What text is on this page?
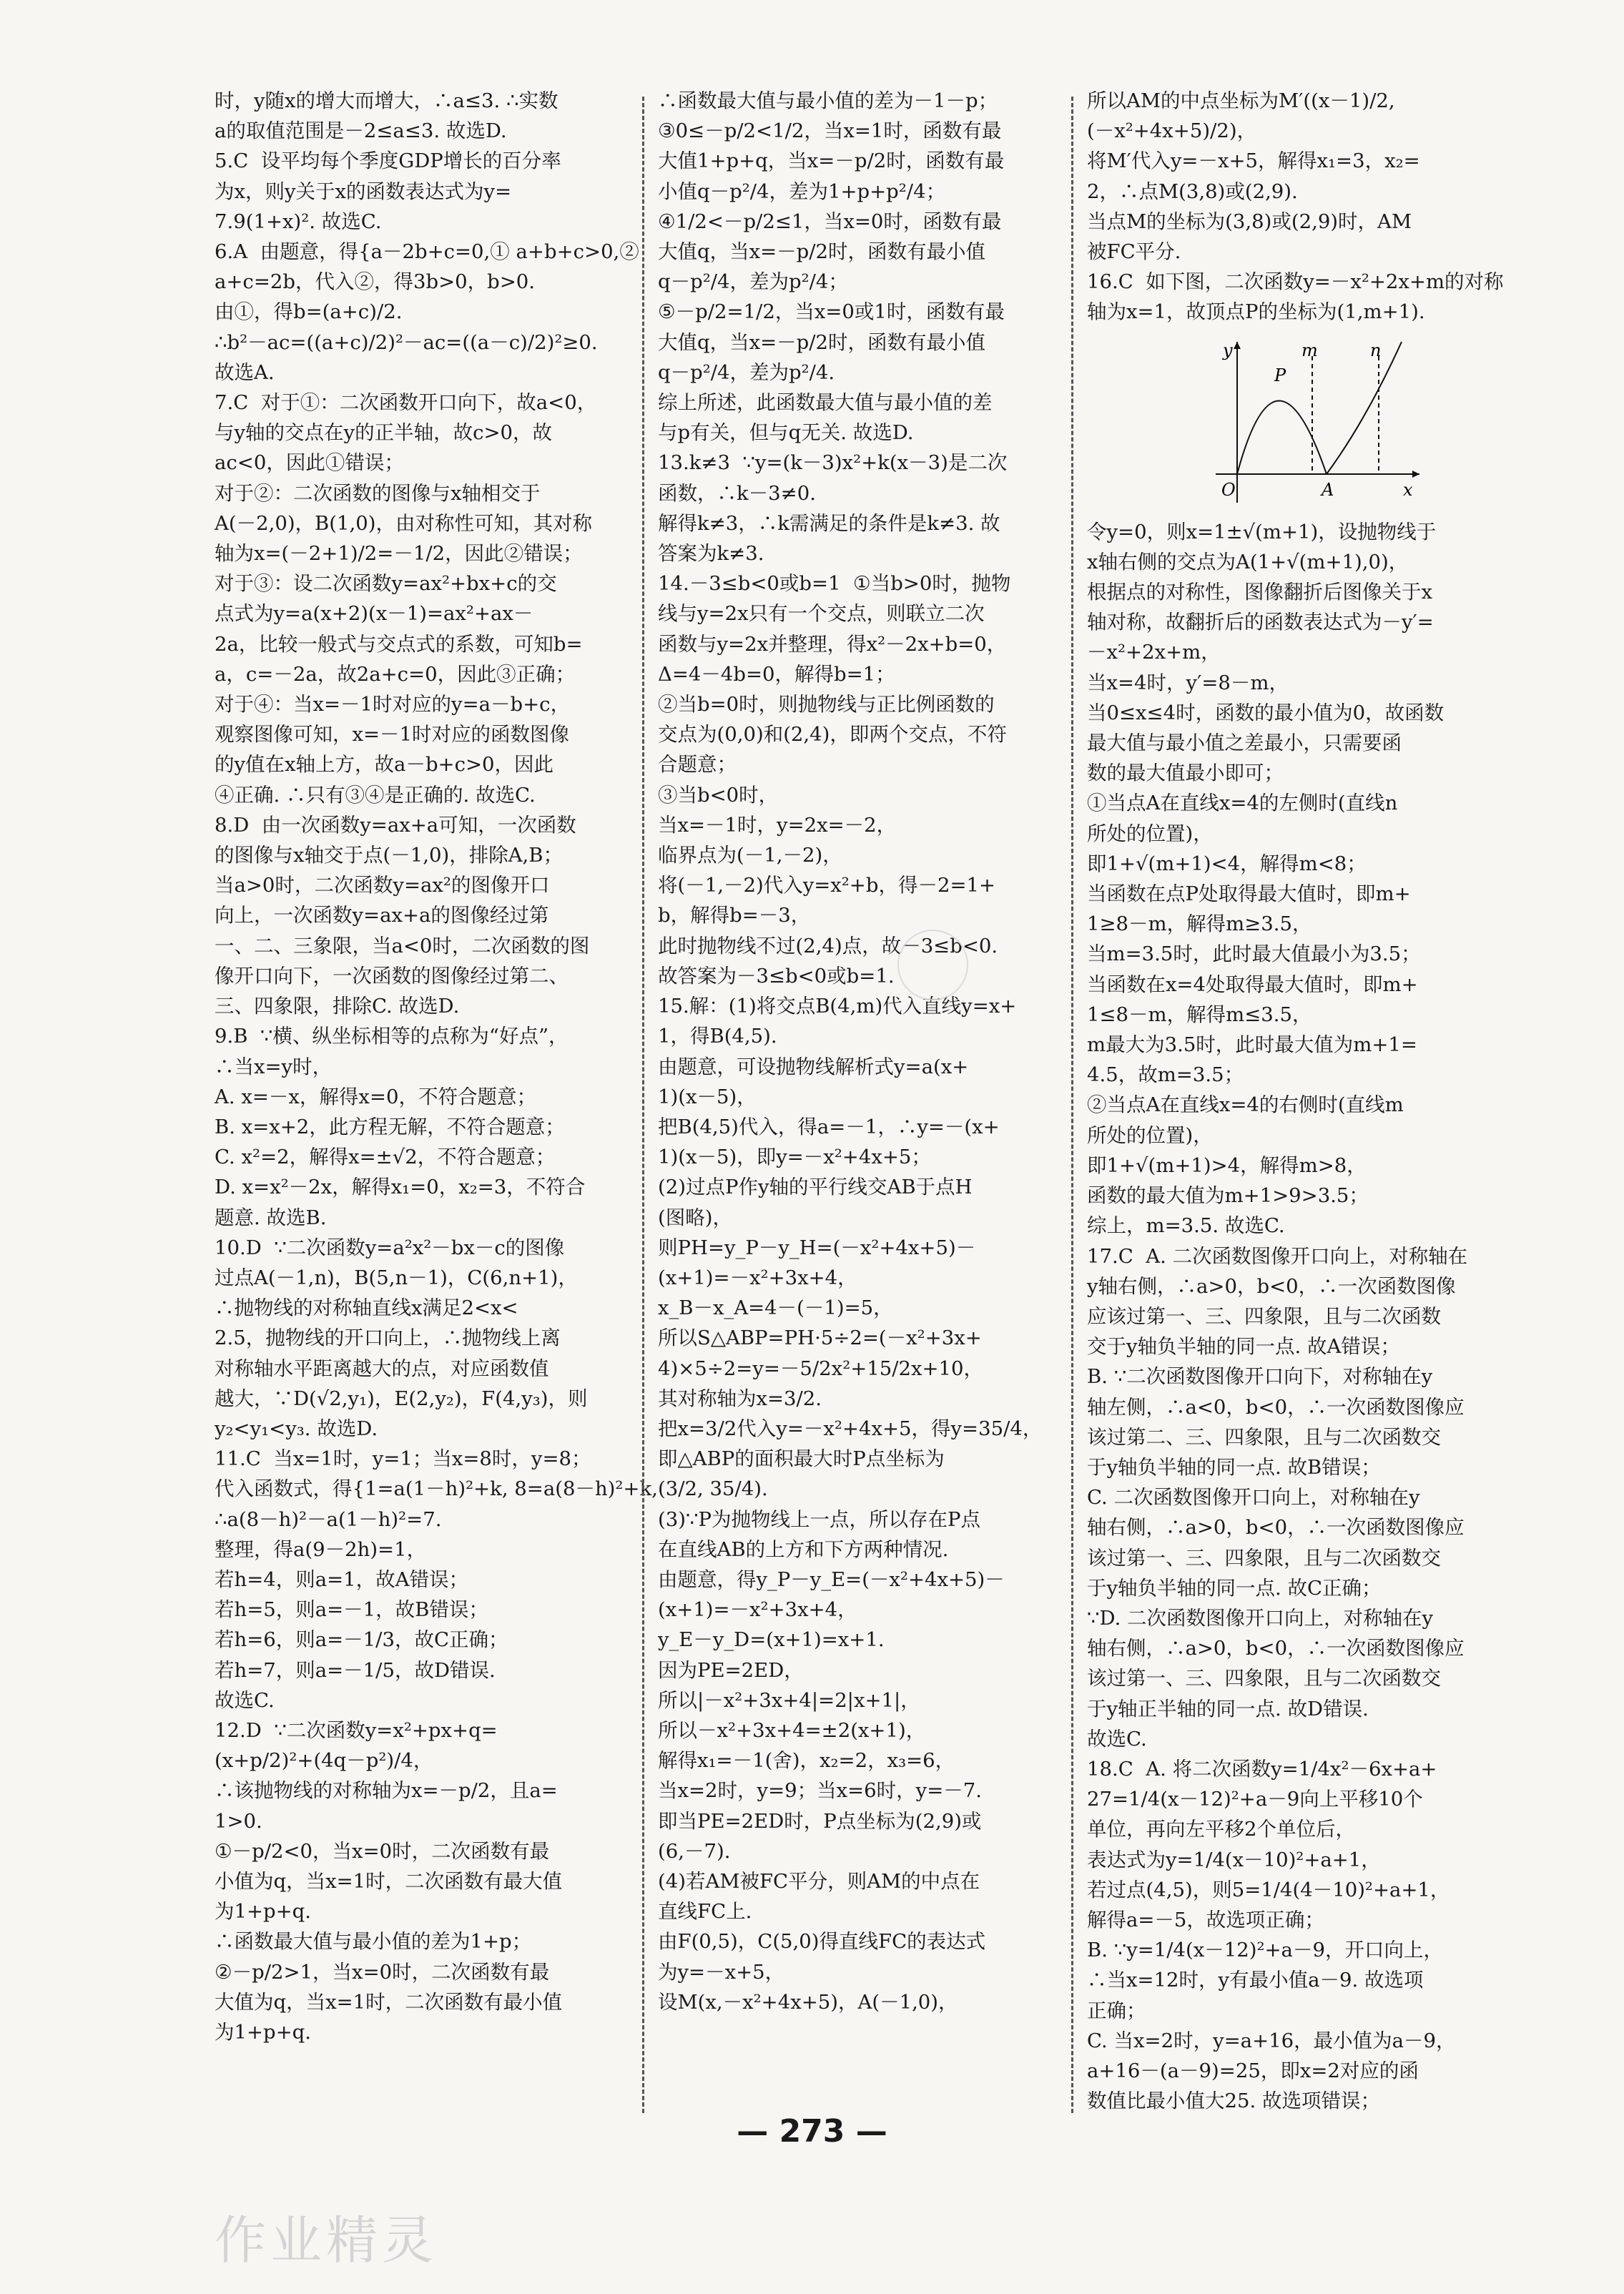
时，y随x的增大而增大，∴a≤3. ∴实数

a的取值范围是－2≤a≤3. 故选D.

5.C  设平均每个季度GDP增长的百分率

为x，则y关于x的函数表达式为y=

7.9(1+x)². 故选C.

6.A  由题意，得{a－2b+c=0,① a+b+c>0,②

a+c=2b，代入②，得3b>0，b>0.

由①，得b=(a+c)/2.

∴b²－ac=((a+c)/2)²－ac=((a－c)/2)²≥0.

故选A.

7.C  对于①：二次函数开口向下，故a<0，

与y轴的交点在y的正半轴，故c>0，故

ac<0，因此①错误；

对于②：二次函数的图像与x轴相交于

A(－2,0)，B(1,0)，由对称性可知，其对称

轴为x=(－2+1)/2=－1/2，因此②错误；

对于③：设二次函数y=ax²+bx+c的交

点式为y=a(x+2)(x－1)=ax²+ax－

2a，比较一般式与交点式的系数，可知b=

a，c=－2a，故2a+c=0，因此③正确；

对于④：当x=－1时对应的y=a－b+c，

观察图像可知，x=－1时对应的函数图像

的y值在x轴上方，故a－b+c>0，因此

④正确. ∴只有③④是正确的. 故选C.

8.D  由一次函数y=ax+a可知，一次函数

的图像与x轴交于点(－1,0)，排除A,B；

当a>0时，二次函数y=ax²的图像开口

向上，一次函数y=ax+a的图像经过第

一、二、三象限，当a<0时，二次函数的图

像开口向下，一次函数的图像经过第二、

三、四象限，排除C. 故选D.

9.B  ∵横、纵坐标相等的点称为“好点”，

∴当x=y时，

A. x=－x，解得x=0，不符合题意；

B. x=x+2，此方程无解，不符合题意；

C. x²=2，解得x=±√2，不符合题意；

D. x=x²－2x，解得x₁=0，x₂=3，不符合

题意. 故选B.

10.D  ∵二次函数y=a²x²－bx－c的图像

过点A(－1,n)，B(5,n－1)，C(6,n+1)，

∴抛物线的对称轴直线x满足2<x<

2.5，抛物线的开口向上，∴抛物线上离

对称轴水平距离越大的点，对应函数值

越大，∵D(√2,y₁)，E(2,y₂)，F(4,y₃)，则

y₂<y₁<y₃. 故选D.

11.C  当x=1时，y=1；当x=8时，y=8；

代入函数式，得{1=a(1－h)²+k, 8=a(8－h)²+k,

∴a(8－h)²－a(1－h)²=7.

整理，得a(9－2h)=1，

若h=4，则a=1，故A错误；

若h=5，则a=－1，故B错误；

若h=6，则a=－1/3，故C正确；

若h=7，则a=－1/5，故D错误.

故选C.

12.D  ∵二次函数y=x²+px+q=

(x+p/2)²+(4q－p²)/4，

∴该抛物线的对称轴为x=－p/2，且a=

1>0.

①－p/2<0，当x=0时，二次函数有最

小值为q，当x=1时，二次函数有最大值

为1+p+q.

∴函数最大值与最小值的差为1+p；

②－p/2>1，当x=0时，二次函数有最

大值为q，当x=1时，二次函数有最小值

为1+p+q.

∴函数最大值与最小值的差为－1－p；

③0≤－p/2<1/2，当x=1时，函数有最

大值1+p+q，当x=－p/2时，函数有最

小值q－p²/4，差为1+p+p²/4；

④1/2<－p/2≤1，当x=0时，函数有最

大值q，当x=－p/2时，函数有最小值

q－p²/4，差为p²/4；

⑤－p/2=1/2，当x=0或1时，函数有最

大值q，当x=－p/2时，函数有最小值

q－p²/4，差为p²/4.

综上所述，此函数最大值与最小值的差

与p有关，但与q无关. 故选D.

13.k≠3  ∵y=(k－3)x²+k(x－3)是二次

函数，∴k－3≠0.

解得k≠3，∴k需满足的条件是k≠3. 故

答案为k≠3.

14.－3≤b<0或b=1  ①当b>0时，抛物

线与y=2x只有一个交点，则联立二次

函数与y=2x并整理，得x²－2x+b=0，

Δ=4－4b=0，解得b=1；

②当b=0时，则抛物线与正比例函数的

交点为(0,0)和(2,4)，即两个交点，不符

合题意；

③当b<0时，

当x=－1时，y=2x=－2，

临界点为(－1,－2)，

将(－1,－2)代入y=x²+b，得－2=1+

b，解得b=－3，

此时抛物线不过(2,4)点，故－3≤b<0.

故答案为－3≤b<0或b=1.

15.解：(1)将交点B(4,m)代入直线y=x+

1，得B(4,5).

由题意，可设抛物线解析式y=a(x+

1)(x－5)，

把B(4,5)代入，得a=－1，∴y=－(x+

1)(x－5)，即y=－x²+4x+5；

(2)过点P作y轴的平行线交AB于点H

(图略)，

则PH=y_P－y_H=(－x²+4x+5)－

(x+1)=－x²+3x+4，

x_B－x_A=4－(－1)=5，

所以S△ABP=PH·5÷2=(－x²+3x+

4)×5÷2=y=－5/2x²+15/2x+10，

其对称轴为x=3/2.

把x=3/2代入y=－x²+4x+5，得y=35/4，

即△ABP的面积最大时P点坐标为

(3/2, 35/4).

(3)∵P为抛物线上一点，所以存在P点

在直线AB的上方和下方两种情况.

由题意，得y_P－y_E=(－x²+4x+5)－

(x+1)=－x²+3x+4，

y_E－y_D=(x+1)=x+1.

因为PE=2ED，

所以|－x²+3x+4|=2|x+1|，

所以－x²+3x+4=±2(x+1)，

解得x₁=－1(舍)，x₂=2，x₃=6，

当x=2时，y=9；当x=6时，y=－7.

即当PE=2ED时，P点坐标为(2,9)或

(6,－7).

(4)若AM被FC平分，则AM的中点在

直线FC上.

由F(0,5)，C(5,0)得直线FC的表达式

为y=－x+5，

设M(x,－x²+4x+5)，A(－1,0)，

所以AM的中点坐标为M′((x－1)/2,

(－x²+4x+5)/2)，

将M′代入y=－x+5，解得x₁=3，x₂=

2，∴点M(3,8)或(2,9).

当点M的坐标为(3,8)或(2,9)时，AM

被FC平分.

16.C  如下图，二次函数y=－x²+2x+m的对称

轴为x=1，故顶点P的坐标为(1,m+1).

y
x
O	A
P
m	n

令y=0，则x=1±√(m+1)，设抛物线于

x轴右侧的交点为A(1+√(m+1),0)，

根据点的对称性，图像翻折后图像关于x

轴对称，故翻折后的函数表达式为－y′=

－x²+2x+m，

当x=4时，y′=8－m，

当0≤x≤4时，函数的最小值为0，故函数

最大值与最小值之差最小，只需要函

数的最大值最小即可；

①当点A在直线x=4的左侧时(直线n

所处的位置)，

即1+√(m+1)<4，解得m<8；

当函数在点P处取得最大值时，即m+

1≥8－m，解得m≥3.5，

当m=3.5时，此时最大值最小为3.5；

当函数在x=4处取得最大值时，即m+

1≤8－m，解得m≤3.5，

m最大为3.5时，此时最大值为m+1=

4.5，故m=3.5；

②当点A在直线x=4的右侧时(直线m

所处的位置)，

即1+√(m+1)>4，解得m>8，

函数的最大值为m+1>9>3.5；

综上，m=3.5. 故选C.

17.C  A. 二次函数图像开口向上，对称轴在

y轴右侧，∴a>0，b<0，∴一次函数图像

应该过第一、三、四象限，且与二次函数

交于y轴负半轴的同一点. 故A错误；

B. ∵二次函数图像开口向下，对称轴在y

轴左侧，∴a<0，b<0，∴一次函数图像应

该过第二、三、四象限，且与二次函数交

于y轴负半轴的同一点. 故B错误；

C. 二次函数图像开口向上，对称轴在y

轴右侧，∴a>0，b<0，∴一次函数图像应

该过第一、三、四象限，且与二次函数交

于y轴负半轴的同一点. 故C正确；

∵D. 二次函数图像开口向上，对称轴在y

轴右侧，∴a>0，b<0，∴一次函数图像应

该过第一、三、四象限，且与二次函数交

于y轴正半轴的同一点. 故D错误.

故选C.

18.C  A. 将二次函数y=1/4x²－6x+a+

27=1/4(x－12)²+a－9向上平移10个

单位，再向左平移2个单位后，

表达式为y=1/4(x－10)²+a+1，

若过点(4,5)，则5=1/4(4－10)²+a+1，

解得a=－5，故选项正确；

B. ∵y=1/4(x－12)²+a－9，开口向上，

∴当x=12时，y有最小值a－9. 故选项

正确；

C. 当x=2时，y=a+16，最小值为a－9，

a+16－(a－9)=25，即x=2对应的函

数值比最小值大25. 故选项错误；

— 273 —
作业精灵
